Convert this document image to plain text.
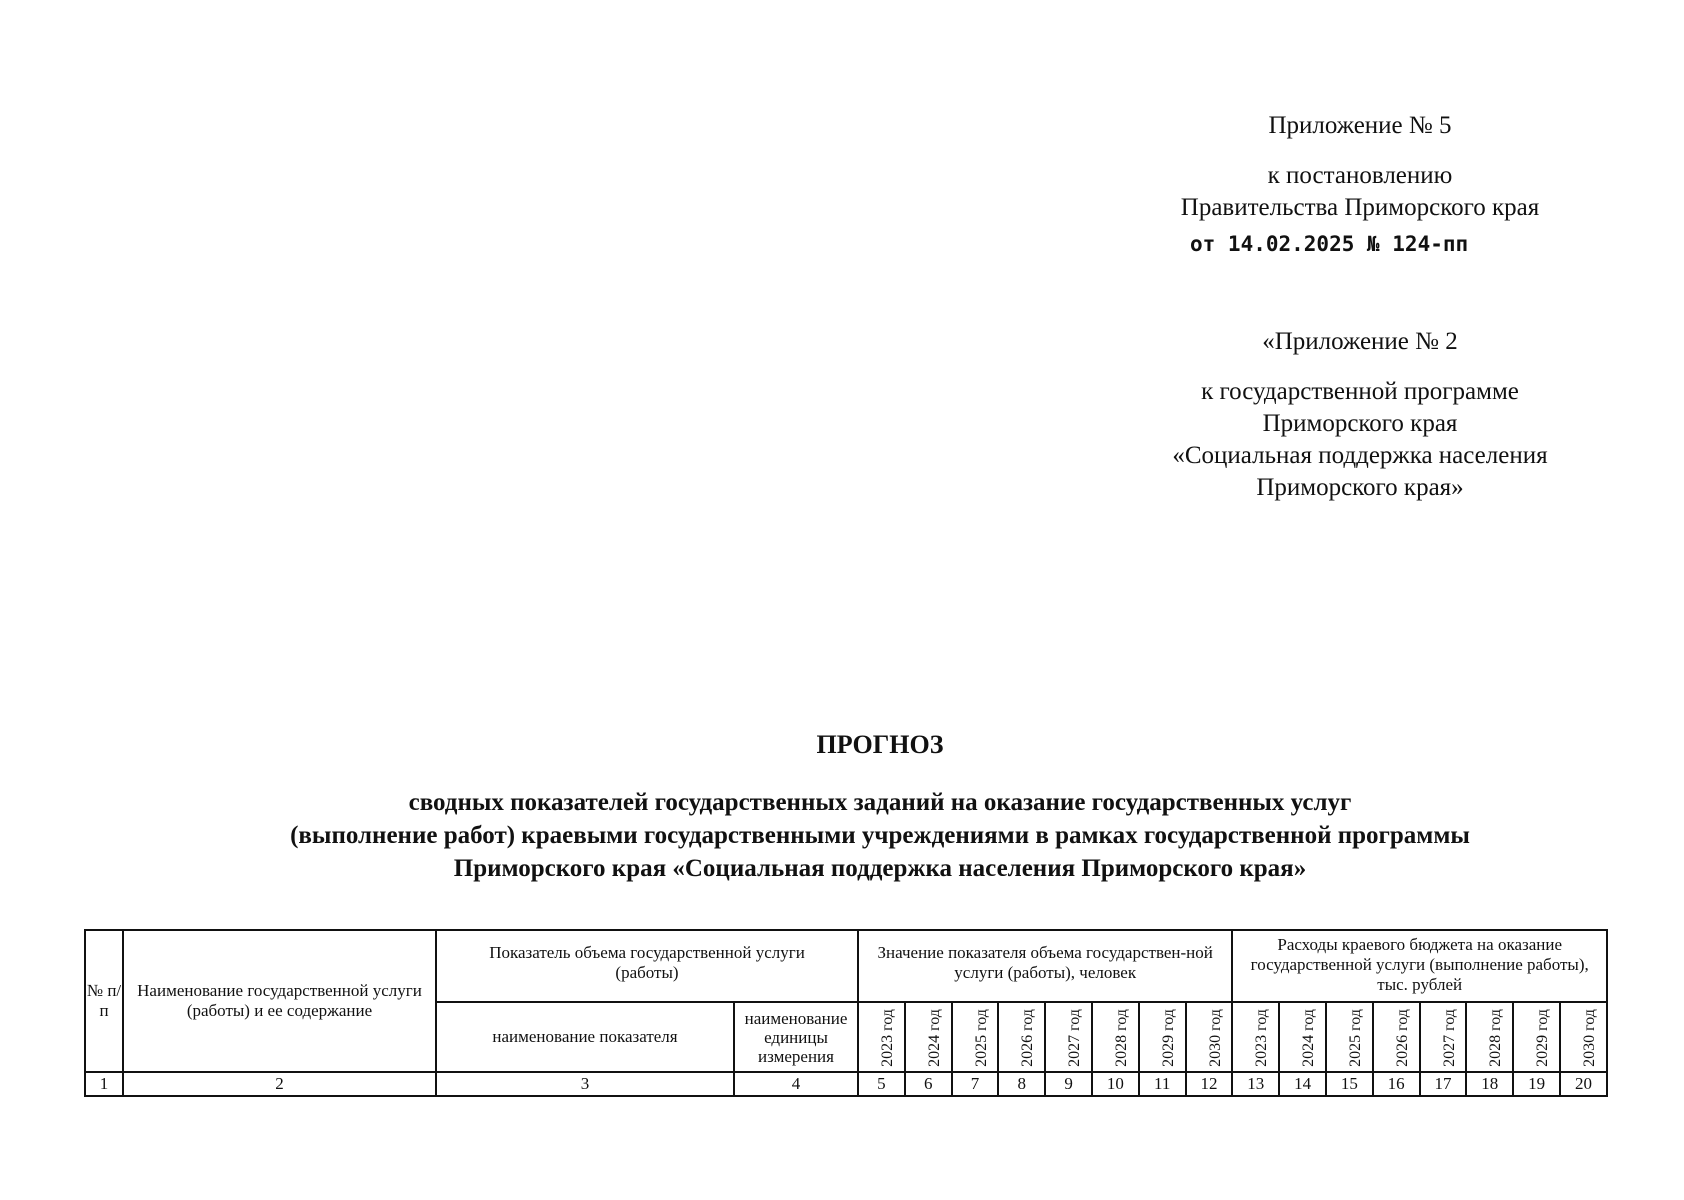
Приложение № 5
к постановлению
Правительства Приморского края
от 14.02.2025 № 124-пп
«Приложение № 2
к государственной программе
Приморского края
«Социальная поддержка населения
Приморского края»
ПРОГНОЗ
сводных показателей государственных заданий на оказание государственных услуг
(выполнение работ) краевыми государственными учреждениями в рамках государственной программы
Приморского края «Социальная поддержка населения Приморского края»
№ п/п	Наименование государственной услуги (работы) и ее содержание	Показатель объема государственной услуги (работы)		Значение показателя объема государствен-ной услуги (работы), человек								Расходы краевого бюджета на оказание государственной услуги (выполнение работы), тыс. рублей							
		наименование показателя	наименование единицы измерения	2023 год	2024 год	2025 год	2026 год	2027 год	2028 год	2029 год	2030 год	2023 год	2024 год	2025 год	2026 год	2027 год	2028 год	2029 год	2030 год
1	2	3	4	5	6	7	8	9	10	11	12	13	14	15	16	17	18	19	20
